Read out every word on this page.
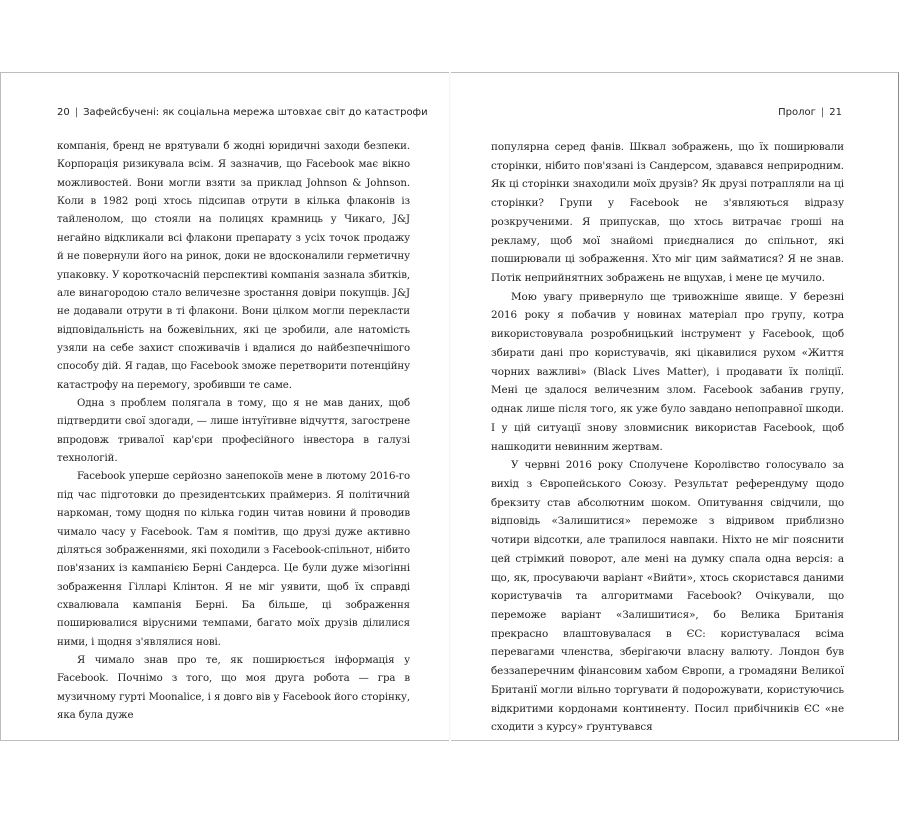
20 | Зафейсбучені: як соціальна мережа штовхає світ до катастрофи	Пролог | 21

компанія, бренд не врятували б жодні юридичні заходи безпеки. Корпорація ризикувала всім. Я зазначив, що Facebook має вікно можливостей. Вони могли взяти за приклад Johnson & Johnson. Коли в 1982 році хтось підсипав отрути в кілька флаконів із тайленолом, що стояли на полицях крамниць у Чикаго, J&J негайно відкликали всі флакони препарату з усіх точок продажу й не повернули його на ринок, доки не вдосконалили герметичну упаковку. У короткочасній перспективі компанія зазнала збитків, але винагородою стало величезне зростання довіри покупців. J&J не додавали отрути в ті флакони. Вони цілком могли перекласти відповідальність на божевільних, які це зробили, але натомість узяли на себе захист споживачів і вдалися до найбезпечнішого способу дій. Я гадав, що Facebook зможе перетворити потенційну катастрофу на перемогу, зробивши те саме.

Одна з проблем полягала в тому, що я не мав даних, щоб підтвердити свої здогади, — лише інтуїтивне відчуття, загострене впродовж тривалої кар'єри професійного інвестора в галузі технологій.

Facebook уперше серйозно занепокоїв мене в лютому 2016-го під час підготовки до президентських праймериз. Я політичний наркоман, тому щодня по кілька годин читав новини й проводив чимало часу у Facebook. Там я помітив, що друзі дуже активно діляться зображеннями, які походили з Facebook-спільнот, нібито пов'язаних із кампанією Берні Сандерса. Це були дуже мізогінні зображення Гілларі Клінтон. Я не міг уявити, щоб їх справді схвалювала кампанія Берні. Ба більше, ці зображення поширювалися вірусними темпами, багато моїх друзів ділилися ними, і щодня з'являлися нові.

Я чимало знав про те, як поширюється інформація у Facebook. Почнімо з того, що моя друга робота — гра в музичному гурті Moonalice, і я довго вів у Facebook його сторінку, яка була дуже

популярна серед фанів. Шквал зображень, що їх поширювали сторінки, нібито пов'язані із Сандерсом, здавався неприродним. Як ці сторінки знаходили моїх друзів? Як друзі потрапляли на ці сторінки? Групи у Facebook не з'являються відразу розкрученими. Я припускав, що хтось витрачає гроші на рекламу, щоб мої знайомі приєдналися до спільнот, які поширювали ці зображення. Хто міг цим займатися? Я не знав. Потік неприйнятних зображень не вщухав, і мене це мучило.

Мою увагу привернуло ще тривожніше явище. У березні 2016 року я побачив у новинах матеріал про групу, котра використовувала розробницький інструмент у Facebook, щоб збирати дані про користувачів, які цікавилися рухом «Життя чорних важливі» (Black Lives Matter), і продавати їх поліції. Мені це здалося величезним злом. Facebook забанив групу, однак лише після того, як уже було завдано непоправної шкоди. І у цій ситуації знову зловмисник використав Facebook, щоб нашкодити невинним жертвам.

У червні 2016 року Сполучене Королівство голосувало за вихід з Європейського Союзу. Результат референдуму щодо брекзиту став абсолютним шоком. Опитування свідчили, що відповідь «Залишитися» переможе з відривом приблизно чотири відсотки, але трапилося навпаки. Ніхто не міг пояснити цей стрімкий поворот, але мені на думку спала одна версія: а що, як, просуваючи варіант «Вийти», хтось скористався даними користувачів та алгоритмами Facebook? Очікували, що переможе варіант «Залишитися», бо Велика Британія прекрасно влаштовувалася в ЄС: користувалася всіма перевагами членства, зберігаючи власну валюту. Лондон був беззаперечним фінансовим хабом Європи, а громадяни Великої Британії могли вільно торгувати й подорожувати, користуючись відкритими кордонами континенту. Посил прибічників ЄС «не сходити з курсу» ґрунтувався
